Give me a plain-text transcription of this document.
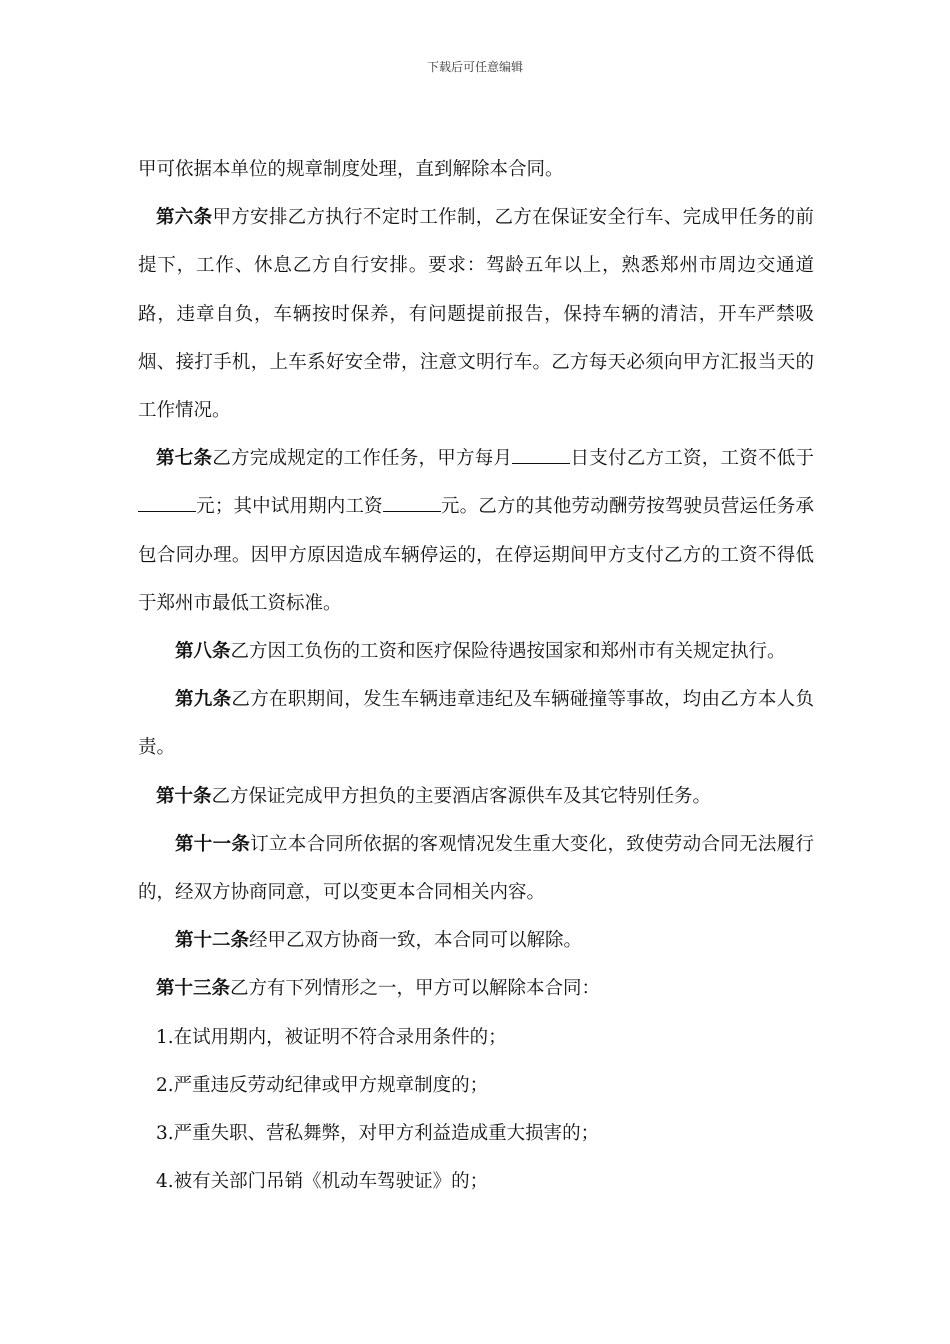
下载后可任意编辑

甲可依据本单位的规章制度处理，直到解除本合同。

第六条甲方安排乙方执行不定时工作制，乙方在保证安全行车、完成甲任务的前提下，工作、休息乙方自行安排。要求：驾龄五年以上，熟悉郑州市周边交通道路，违章自负，车辆按时保养，有问题提前报告，保持车辆的清洁，开车严禁吸烟、接打手机，上车系好安全带，注意文明行车。乙方每天必须向甲方汇报当天的工作情况。

第七条乙方完成规定的工作任务，甲方每月	日支付乙方工资，工资不低于元；其中试用期内工资	元。乙方的其他劳动酬劳按驾驶员营运任务承包合同办理。因甲方原因造成车辆停运的，在停运期间甲方支付乙方的工资不得低于郑州市最低工资标准。

第八条乙方因工负伤的工资和医疗保险待遇按国家和郑州市有关规定执行。

第九条乙方在职期间，发生车辆违章违纪及车辆碰撞等事故，均由乙方本人负责。

第十条乙方保证完成甲方担负的主要酒店客源供车及其它特别任务。

第十一条订立本合同所依据的客观情况发生重大变化，致使劳动合同无法履行的，经双方协商同意，可以变更本合同相关内容。

第十二条经甲乙双方协商一致，本合同可以解除。

第十三条乙方有下列情形之一，甲方可以解除本合同：

1.在试用期内，被证明不符合录用条件的；

2.严重违反劳动纪律或甲方规章制度的；

3.严重失职、营私舞弊，对甲方利益造成重大损害的；

4.被有关部门吊销《机动车驾驶证》的；
